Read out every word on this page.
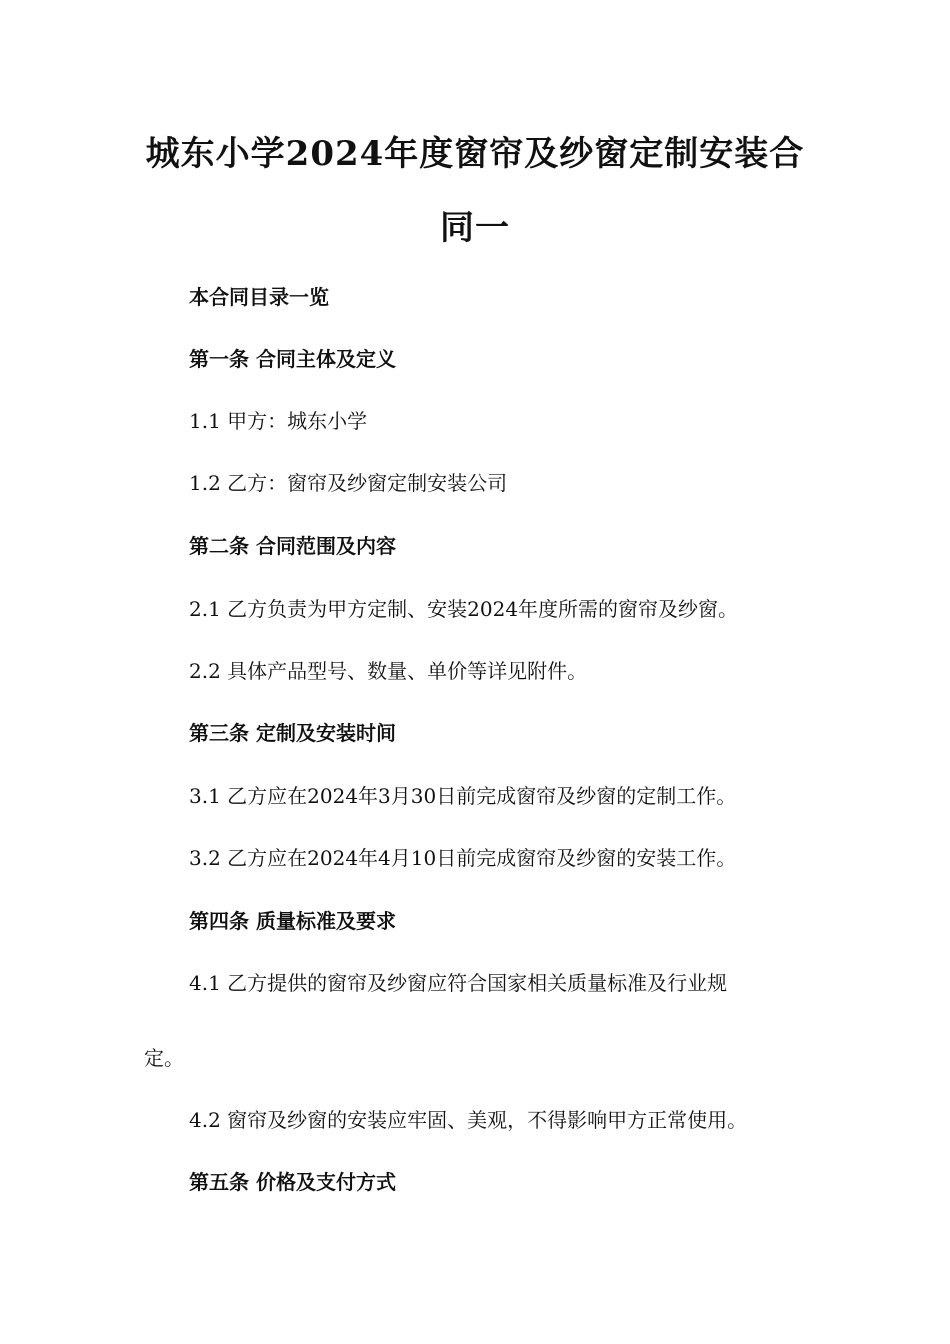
城东小学2024年度窗帘及纱窗定制安装合
同一

本合同目录一览

第一条 合同主体及定义

1.1 甲方：城东小学

1.2 乙方：窗帘及纱窗定制安装公司

第二条 合同范围及内容

2.1 乙方负责为甲方定制、安装2024年度所需的窗帘及纱窗。

2.2 具体产品型号、数量、单价等详见附件。

第三条 定制及安装时间

3.1 乙方应在2024年3月30日前完成窗帘及纱窗的定制工作。

3.2 乙方应在2024年4月10日前完成窗帘及纱窗的安装工作。

第四条 质量标准及要求

4.1 乙方提供的窗帘及纱窗应符合国家相关质量标准及行业规

定。

4.2 窗帘及纱窗的安装应牢固、美观，不得影响甲方正常使用。

第五条 价格及支付方式
